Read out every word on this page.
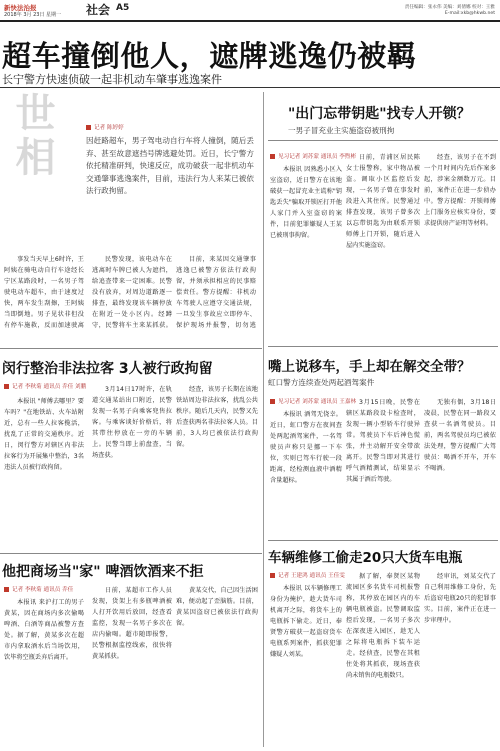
新快法治报
2018年 3月 23日 星期一 社会 A5	责任编辑：张永伟 美编：刘倩娜 校对：王雅
E-mail:xkb@hkwb.net
超车撞倒他人，遮牌逃逸仍被羁
长宁警方快速侦破一起非机动车肇事逃逸案件
世相	记者 陈婷婷
因赶路超车，男子驾电动自行车将人撞倒，随后丢弃、甚至故意遮挡号牌逃避处罚。近日，长宁警方依托精准研判，快速反应，成功破获一起非机动车交通肇事逃逸案件，目前，违法行为人来某已被依法行政拘留。

事发当天早上6时许，王阿姨在骑电动自行车途经长宁区某路段时，一名男子驾驶电动车超车，由于速度过快，两车发生刮擦，王阿姨当即倒地。男子见状非但没有停车施救，反而加速驶离

民警发现，该电动车在逃离时车牌已被人为遮挡，给追查带来一定困难。民警没有放弃，对周边道路逐一排查，最终发现该车辆停放在附近一处小区内。经蹲守，民警将车主来某抓获。

目前，来某因交通肇事逃逸已被警方依法行政拘留，并须承担相应的民事赔偿责任。警方提醒：非机动车驾驶人应遵守交通法规，一旦发生事故应立即停车、保护现场并报警，切勿逃

"出门忘带钥匙"找专人开锁？
一男子冒充业主实施盗窃被刑拘
见习记者 刘苏蒙 通讯员 李煦彬

本报讯 因熟悉小区入室盗窃，近日警方在该地破获一起冒充业主谎称"钥匙丢失"骗取开锁匠打开他人家门并入室盗窃的案件，目前犯罪嫌疑人王某已被刑事拘留。

日前，青浦区居民陈女士报警称，家中物品被盗。调取小区监控后发现，一名男子曾在事发时段进入其住所。民警通过排查发现，该男子曾多次以忘带钥匙为由联系开锁师傅上门开锁，随后进入屋内实施盗窃。

经查，该男子在不到一个月时间内先后作案多起，涉案金额数万元。目前，案件正在进一步侦办中。警方提醒：开锁师傅上门服务应核实身份，要求提供房产证明等材料。

嘴上说移车，手上却在解交全带？
虹口警方连续查处两起酒驾案件
见习记者 刘苏蒙 通讯员 王嘉林

本报讯 酒驾无侥幸。近日，虹口警方在夜间查处两起酒驾案件，一名驾驶员声称只是挪一下车位，实则已驾车行驶一段距离，经检测血液中酒精含量超标。

3月15日晚，民警在辖区某路段设卡检查时，发现一辆小型轿车行驶异常。驾驶员下车后神色慌张，并主动解开安全带欲离开。民警当即对其进行呼气酒精测试，结果显示其属于酒后驾驶。

无独有偶，3月18日凌晨，民警在同一路段又查获一名酒驾驶员。目前，两名驾驶员均已被依法处理，警方提醒广大驾驶员：喝酒不开车，开车不喝酒。

闵行整治非法拉客 3人被行政拘留
记者 李秋菊 通讯员 乔佳 刘鹏

本报讯 "师傅去哪里？要车吗？"在地铁站、火车站附近，总有一些人拉客揽活，扰乱了正常的交通秩序。近日，闵行警方对辖区内非法拉客行为开展集中整治，3名违法人员被行政拘留。

3月14日17时许，在轨道交通某站出口附近，民警发现一名男子向乘客兜售拉客。与乘客谈好价格后，将其带往停放在一旁的车辆上。民警当即上前盘查，当场查获。

经查，该男子长期在该地铁站周边非法拉客，扰乱公共秩序。随后几天内，民警又先后查获两名非法拉客人员。目前，3人均已被依法行政拘留。

他把商场当"家" 啤酒饮酒来不拒
记者 李秋菊 通讯员 乔佳

本报讯 来沪打工的男子黄某，因在商场内多次偷喝啤酒、白酒等商品被警方查处。据了解，黄某多次在超市内拿取酒水后当场饮用，饮毕将空瓶丢弃后离开。

日前，某超市工作人员发现，货架上有多瓶啤酒被人打开饮用后放回，经查看监控，发现一名男子多次在店内偷喝。超市随即报警，民警根据监控线索，很快将黄某抓获。

黄某交代，自己因生活困难，便动起了歪脑筋。目前，黄某因盗窃已被依法行政拘留。

车辆维修工偷走20只大货车电瓶
记者 王建鸿 通讯员 王佳雯

本报讯 以车辆修理工身份为掩护，趁大货车司机离开之际，将货车上的电瓶拆下偷走。近日，奉贤警方破获一起盗窃货车电瓶系列案件，抓获犯罪嫌疑人刘某。

据了解，奉贤区某物流园区多名货车司机报警称，其停放在园区内的车辆电瓶被盗。民警调取监控后发现，一名男子多次在深夜进入园区，趁无人之际将电瓶拆下装车运走。经侦查，民警在其租住处将其抓获，现场查获尚未销售的电瓶数只。

经审讯，刘某交代了自己利用维修工身份，先后盗窃电瓶20只的犯罪事实。目前，案件正在进一步审理中。
